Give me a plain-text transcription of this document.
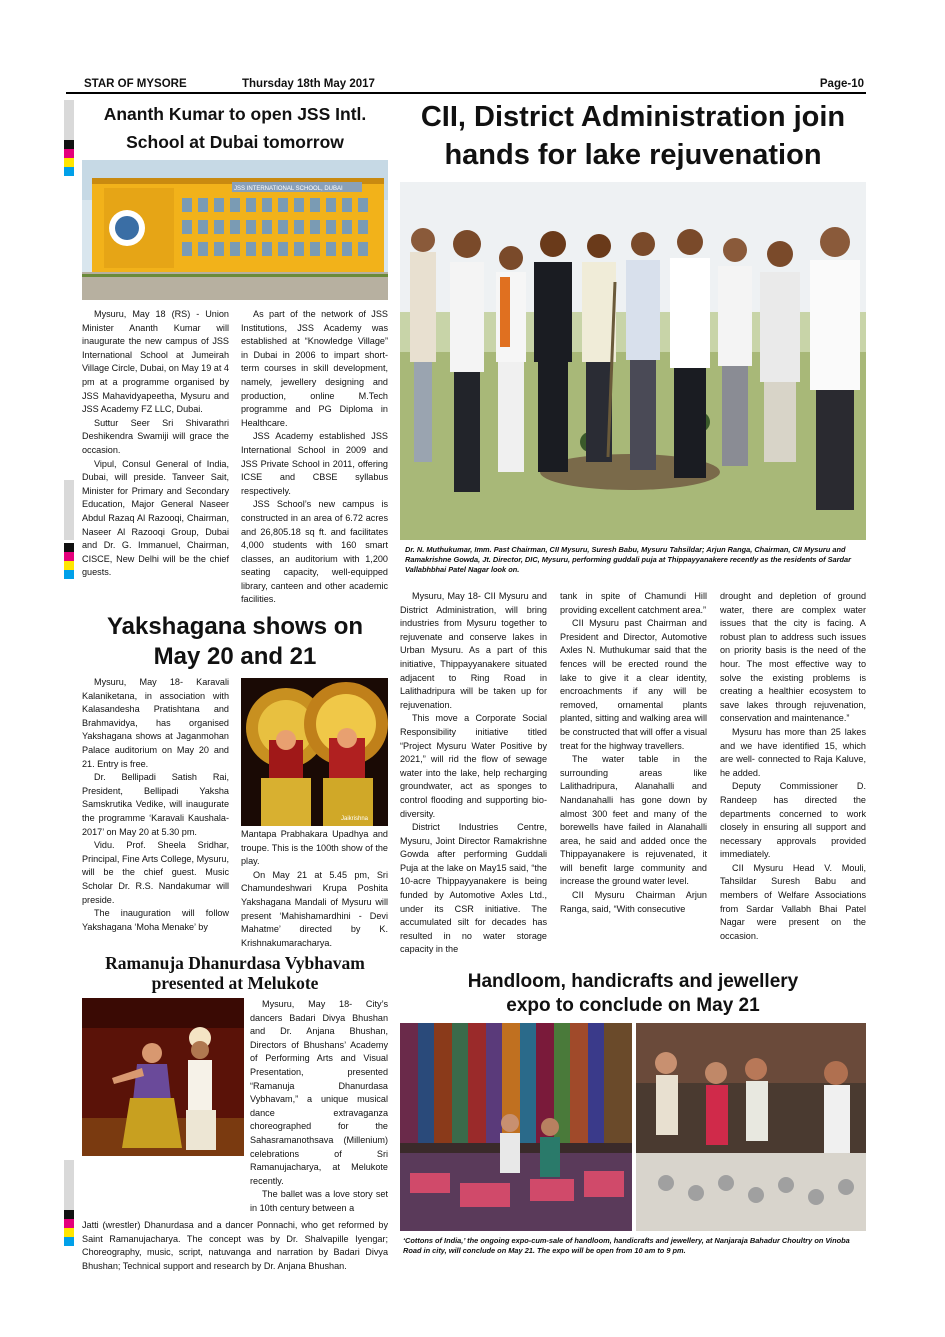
STAR OF MYSORE	Thursday 18th May 2017	Page-10
Ananth Kumar to open JSS Intl.
School at Dubai tomorrow
JSS INTERNATIONAL SCHOOL, DUBAI

Mysuru, May 18 (RS) - Union Minister Ananth Kumar will inaugurate the new campus of JSS International School at Jumeirah Village Circle, Dubai, on May 19 at 4 pm at a programme organised by JSS Mahavidyapeetha, Mysuru and JSS Academy FZ LLC, Dubai.

Suttur Seer Sri Shivarathri Deshikendra Swamiji will grace the occasion.

Vipul, Consul General of India, Dubai, will preside. Tanveer Sait, Minister for Primary and Secondary Education, Major General Naseer Abdul Razaq Al Razooqi, Chairman, Naseer Al Razooqi Group, Dubai and Dr. G. Immanuel, Chairman, CISCE, New Delhi will be the chief guests.

As part of the network of JSS Institutions, JSS Academy was established at “Knowledge Village” in Dubai in 2006 to impart short-term courses in skill development, namely, jewellery designing and production, online M.Tech programme and PG Diploma in Healthcare.

JSS Academy established JSS International School in 2009 and JSS Private School in 2011, offering ICSE and CBSE syllabus respectively.

JSS School’s new campus is constructed in an area of 6.72 acres and 26,805.18 sq ft. and facilitates 4,000 students with 160 smart classes, an auditorium with 1,200 seating capacity, well-equipped library, canteen and other academic facilities.

Yakshagana shows on
May 20 and 21

Mysuru, May 18- Karavali Kalaniketana, in association with Kalasandesha Pratishtana and Brahmavidya, has organised Yakshagana shows at Jaganmohan Palace auditorium on May 20 and 21. Entry is free.

Dr. Bellipadi Satish Rai, President, Bellipadi Yaksha Samskrutika Vedike, will inaugurate the programme ‘Karavali Kaushala-2017’ on May 20 at 5.30 pm.

Vidu. Prof. Sheela Sridhar, Principal, Fine Arts College, Mysuru, will be the chief guest. Music Scholar Dr. R.S. Nandakumar will preside.

The inauguration will follow Yakshagana ‘Moha Menake’ by

Jaikrishna

Mantapa Prabhakara Upadhya and troupe. This is the 100th show of the play.

On May 21 at 5.45 pm, Sri Chamundeshwari Krupa Poshita Yakshagana Mandali of Mysuru will present ‘Mahishamardhini - Devi Mahatme’ directed by K. Krishnakumaracharya.

Ramanuja Dhanurdasa Vybhavam
presented at Melukote

Mysuru, May 18- City’s dancers Badari Divya Bhushan and Dr. Anjana Bhushan, Directors of Bhushans’ Academy of Performing Arts and Visual Presentation, presented “Ramanuja Dhanurdasa Vybhavam,” a unique musical dance extravaganza choreographed for the Sahasramanothsava (Millenium) celebrations of Sri Ramanujacharya, at Melukote recently.

The ballet was a love story set in 10th century between a

Jatti (wrestler) Dhanurdasa and a dancer Ponnachi, who get reformed by Saint Ramanujacharya. The concept was by Dr. Shalvapille Iyengar; Choreography, music, script, natuvanga and narration by Badari Divya Bhushan; Technical support and research by Dr. Anjana Bhushan.

CII, District Administration join
hands for lake rejuvenation
Dr. N. Muthukumar, Imm. Past Chairman, CII Mysuru, Suresh Babu, Mysuru Tahsildar; Arjun Ranga, Chairman, CII Mysuru and Ramakrishne Gowda, Jt. Director, DIC, Mysuru, performing guddali puja at Thippayyanakere recently as the residents of Sardar Vallabhbhai Patel Nagar look on.

Mysuru, May 18- CII Mysuru and District Administration, will bring industries from Mysuru together to rejuvenate and conserve lakes in Urban Mysuru. As a part of this initiative, Thippayyanakere situated adjacent to Ring Road in Lalithadripura will be taken up for rejuvenation.

This move a Corporate Social Responsibility initiative titled “Project Mysuru Water Positive by 2021,” will rid the flow of sewage water into the lake, help recharging groundwater, act as sponges to control flooding and supporting bio-diversity.

District Industries Centre, Mysuru, Joint Director Ramakrishne Gowda after performing Guddali Puja at the lake on May15 said, “the 10-acre Thippayyanakere is being funded by Automotive Axles Ltd., under its CSR initiative. The accumulated silt for decades has resulted in no water storage capacity in the

tank in spite of Chamundi Hill providing excellent catchment area.”

CII Mysuru past Chairman and President and Director, Automotive Axles N. Muthukumar said that the fences will be erected round the lake to give it a clear identity, encroachments if any will be removed, ornamental plants planted, sitting and walking area will be constructed that will offer a visual treat for the highway travellers.

The water table in the surrounding areas like Lalithadripura, Alanahalli and Nandanahalli has gone down by almost 300 feet and many of the borewells have failed in Alanahalli area, he said and added once the Thippayanakere is rejuvenated, it will benefit large community and increase the ground water level.

CII Mysuru Chairman Arjun Ranga, said, “With consecutive

drought and depletion of ground water, there are complex water issues that the city is facing. A robust plan to address such issues on priority basis is the need of the hour. The most effective way to solve the existing problems is creating a healthier ecosystem to save lakes through rejuvenation, conservation and maintenance.”

Mysuru has more than 25 lakes and we have identified 15, which are well- connected to Raja Kaluve, he added.

Deputy Commissioner D. Randeep has directed the departments concerned to work closely in ensuring all support and necessary approvals provided immediately.

CII Mysuru Head V. Mouli, Tahsildar Suresh Babu and members of Welfare Associations from Sardar Vallabh Bhai Patel Nagar were present on the occasion.

Handloom, handicrafts and jewellery
expo to conclude on May 21
‘Cottons of India,’ the ongoing expo-cum-sale of handloom, handicrafts and jewellery, at Nanjaraja Bahadur Choultry on Vinoba Road in city, will conclude on May 21. The expo will be open from 10 am to 9 pm.
